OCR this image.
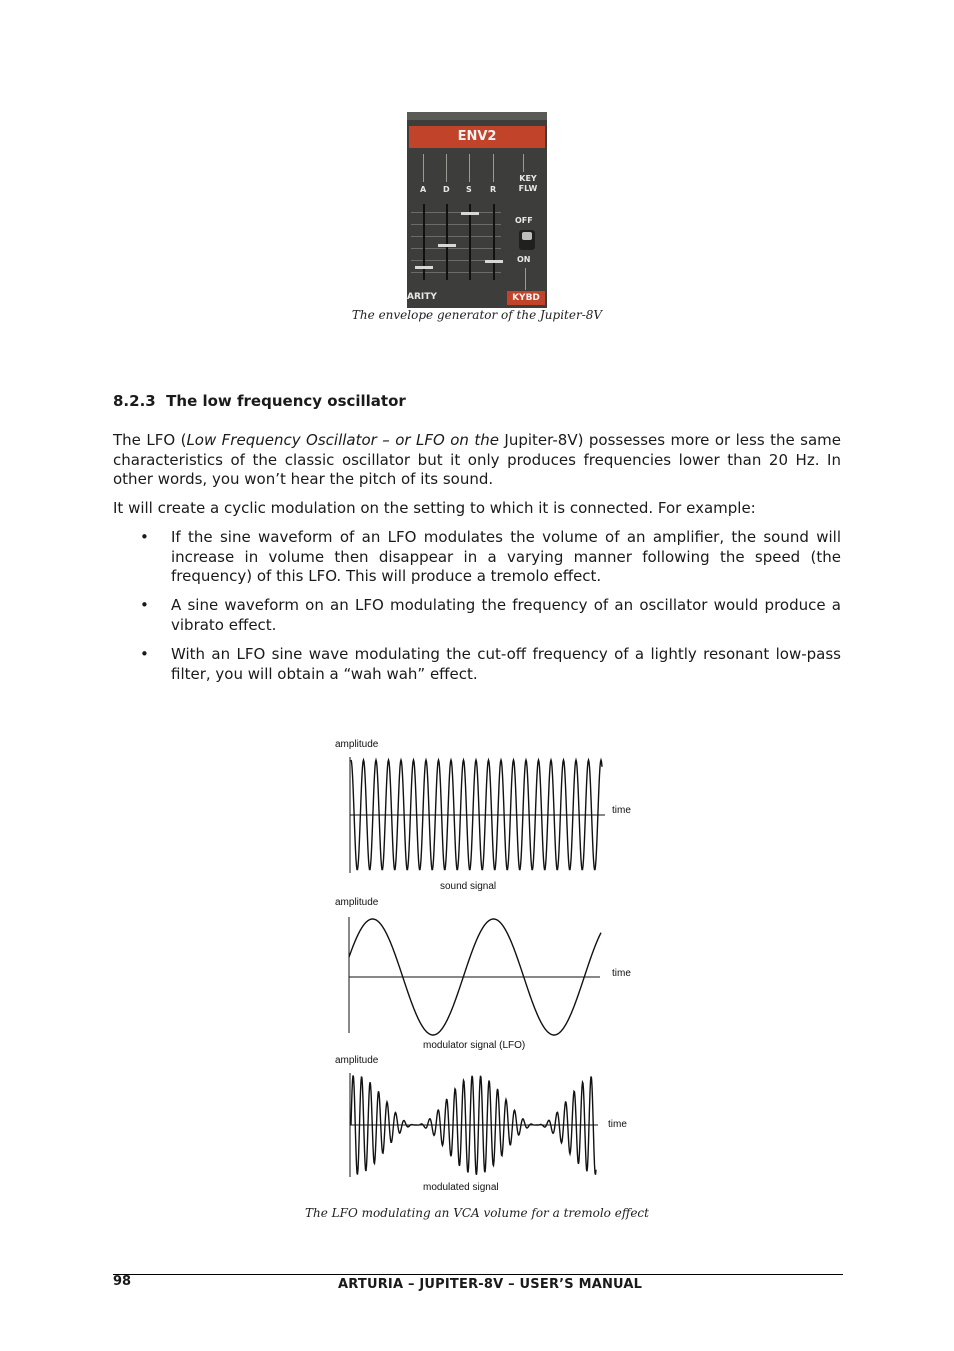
ENV2
A D S R
KEY
FLW
OFF
ON
ARITY	KYBD
The envelope generator of the Jupiter-8V
8.2.3 The low frequency oscillator

The LFO (Low Frequency Oscillator – or LFO on the Jupiter-8V) possesses more or less the same characteristics of the classic oscillator but it only produces frequencies lower than 20 Hz. In other words, you won’t hear the pitch of its sound.

It will create a cyclic modulation on the setting to which it is connected. For example:

• If the sine waveform of an LFO modulates the volume of an amplifier, the sound will increase in volume then disappear in a varying manner following the speed (the frequency) of this LFO. This will produce a tremolo effect.

• A sine waveform on an LFO modulating the frequency of an oscillator would produce a vibrato effect.

• With an LFO sine wave modulating the cut-off frequency of a lightly resonant low-pass filter, you will obtain a “wah wah” effect.

amplitude
time
sound signal
amplitude
time
modulator signal (LFO)
amplitude
time
modulated signal
The LFO modulating an VCA volume for a tremolo effect
98	ARTURIA – JUPITER-8V – USER’S MANUAL
